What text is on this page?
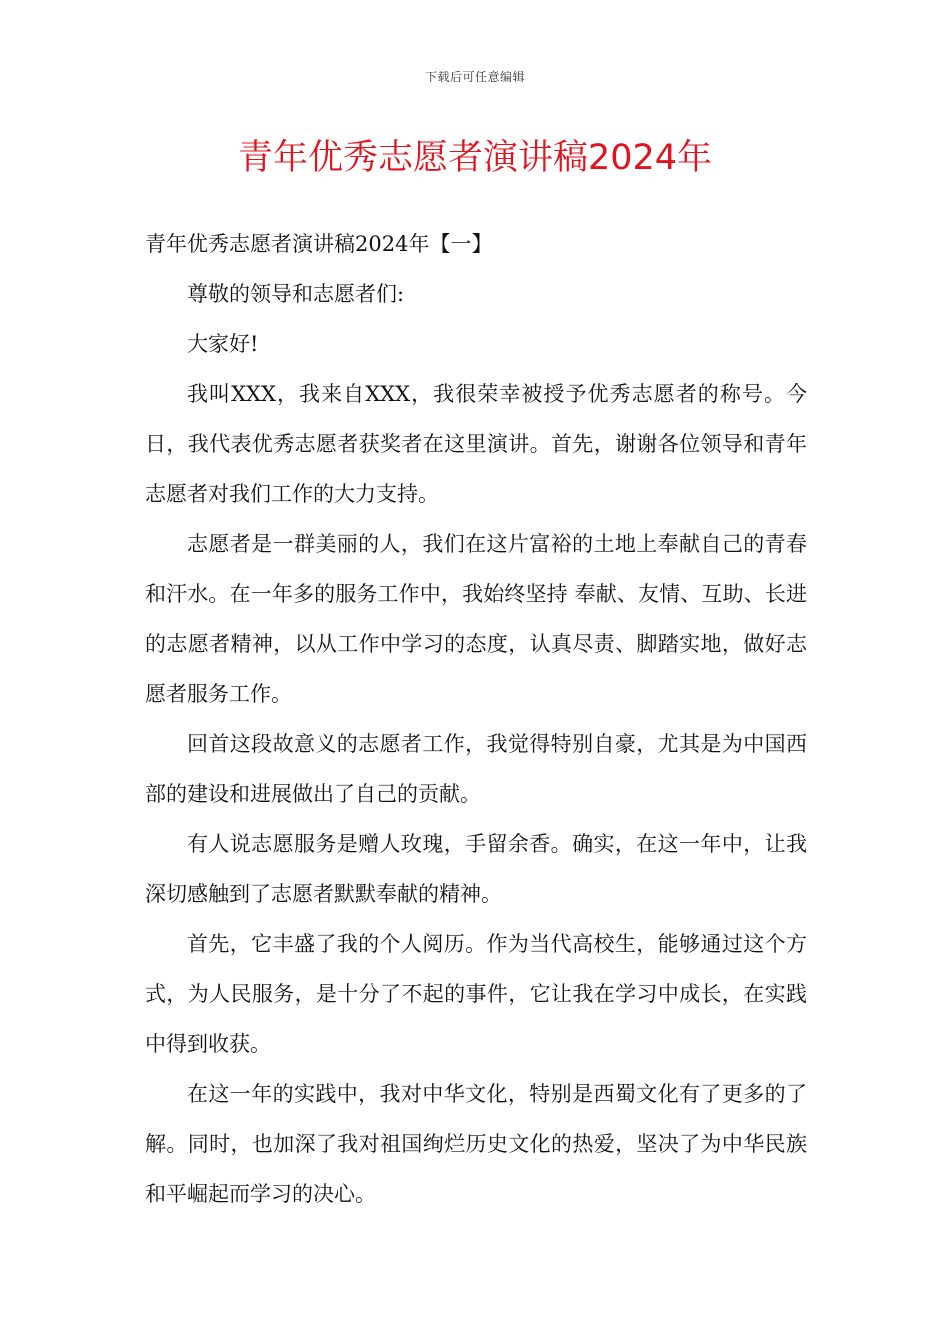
下载后可任意编辑
青年优秀志愿者演讲稿2024年

青年优秀志愿者演讲稿2024年【一】

尊敬的领导和志愿者们:

大家好!

我叫XXX，我来自XXX，我很荣幸被授予优秀志愿者的称号。今日，我代表优秀志愿者获奖者在这里演讲。首先，谢谢各位领导和青年志愿者对我们工作的大力支持。

志愿者是一群美丽的人，我们在这片富裕的土地上奉献自己的青春和汗水。在一年多的服务工作中，我始终坚持 奉献、友情、互助、长进 的志愿者精神，以从工作中学习的态度，认真尽责、脚踏实地，做好志愿者服务工作。

回首这段故意义的志愿者工作，我觉得特别自豪，尤其是为中国西部的建设和进展做出了自己的贡献。

有人说志愿服务是赠人玫瑰，手留余香。确实，在这一年中，让我深切感触到了志愿者默默奉献的精神。

首先，它丰盛了我的个人阅历。作为当代高校生，能够通过这个方式，为人民服务，是十分了不起的事件，它让我在学习中成长，在实践中得到收获。

在这一年的实践中，我对中华文化，特别是西蜀文化有了更多的了解。同时，也加深了我对祖国绚烂历史文化的热爱，坚决了为中华民族和平崛起而学习的决心。
